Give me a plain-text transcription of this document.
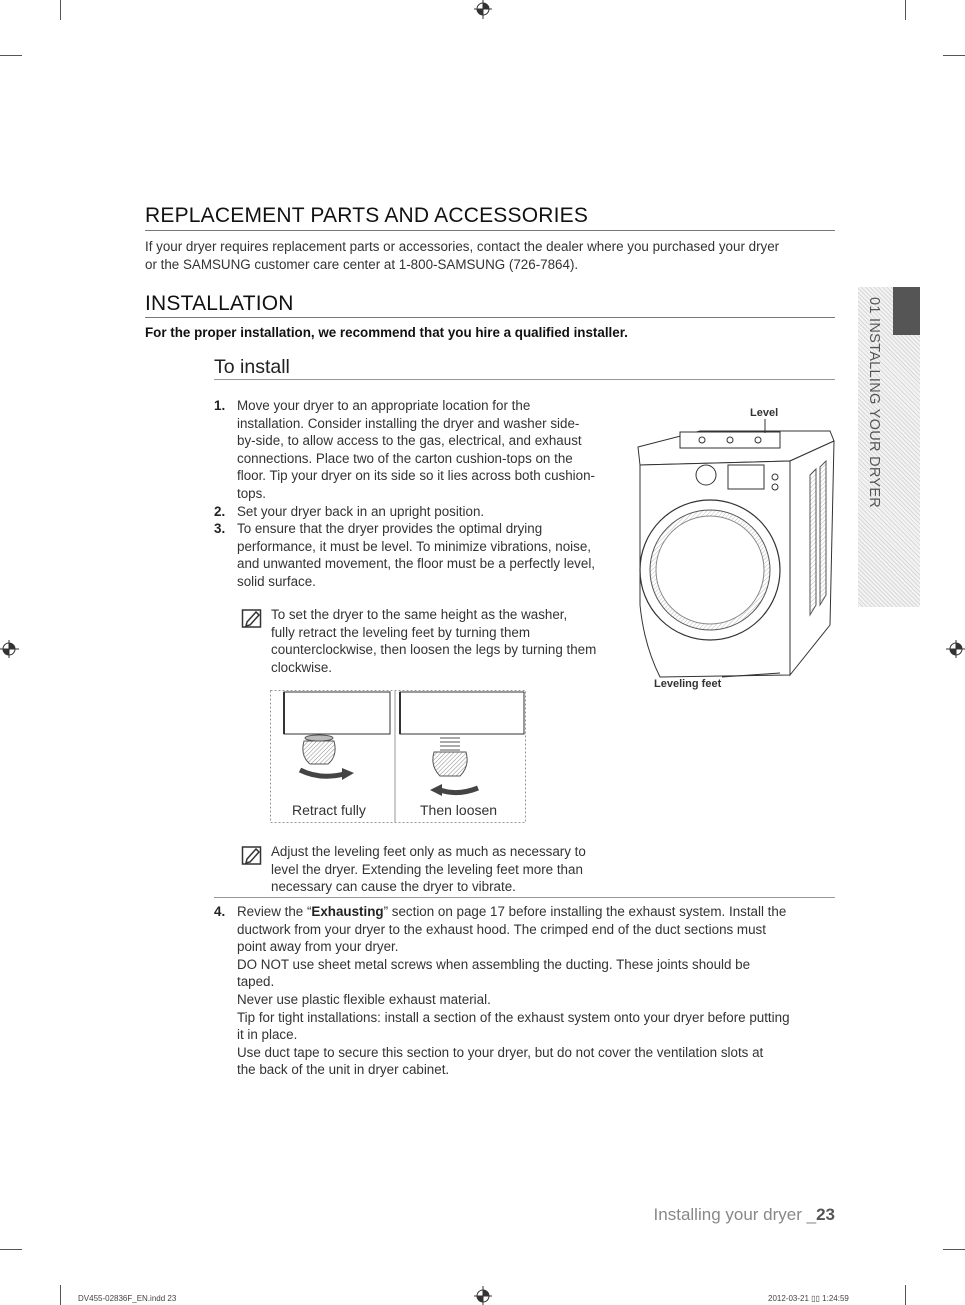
REPLACEMENT PARTS AND ACCESSORIES

If your dryer requires replacement parts or accessories, contact the dealer where you purchased your dryer

or the SAMSUNG customer care center at 1-800-SAMSUNG (726-7864).

INSTALLATION
For the proper installation, we recommend that you hire a qualified installer.
To install
1. Move your dryer to an appropriate location for the
installation. Consider installing the dryer and washer side-
by-side, to allow access to the gas, electrical, and exhaust
connections. Place two of the carton cushion-tops on the
floor. Tip your dryer on its side so it lies across both cushion-
tops.
2. Set your dryer back in an upright position.
3. To ensure that the dryer provides the optimal drying
performance, it must be level. To minimize vibrations, noise,
and unwanted movement, the floor must be a perfectly level,
solid surface.
To set the dryer to the same height as the washer,
fully retract the leveling feet by turning them
counterclockwise, then loosen the legs by turning them
clockwise.
Retract fully	Then loosen
Level
Leveling feet
Adjust the leveling feet only as much as necessary to
level the dryer. Extending the leveling feet more than
necessary can cause the dryer to vibrate.
4. Review the “Exhausting” section on page 17 before installing the exhaust system. Install the
ductwork from your dryer to the exhaust hood. The crimped end of the duct sections must
point away from your dryer.
DO NOT use sheet metal screws when assembling the ducting. These joints should be
taped.
Never use plastic flexible exhaust material.
Tip for tight installations: install a section of the exhaust system onto your dryer before putting
it in place.
Use duct tape to secure this section to your dryer, but do not cover the ventilation slots at
the back of the unit in dryer cabinet.
01 INSTALLING YOUR DRYER
Installing your dryer _23
DV455-02836F_EN.indd 23	2012-03-21 ▯▯ 1:24:59
